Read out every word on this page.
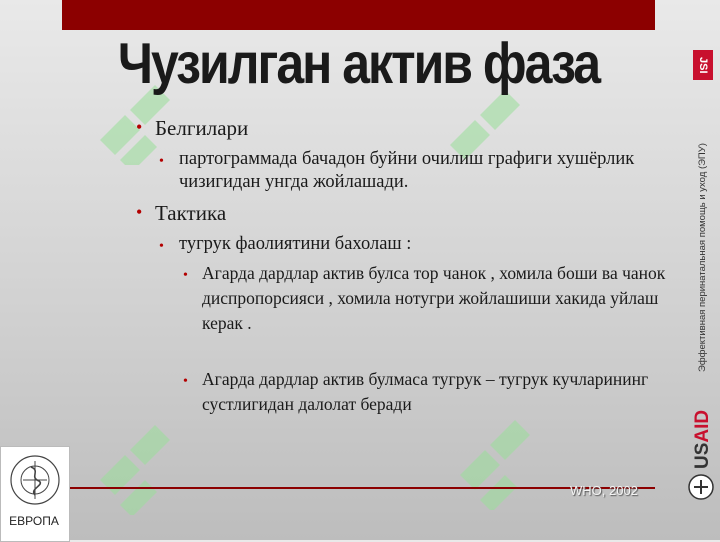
Чузилган актив фаза
• Белгилари
• партограммада бачадон буйни очилиш графиги хушёрлик чизигидан унгда жойлашади.
• Тактика
• тугрук фаолиятини бахолаш :
• Агарда дардлар актив булса тор чанок , хомила боши ва чанок диспропорсияси , хомила нотугри жойлашиши хакида уйлаш керак .
• Агарда дардлар актив булмаса тугрук – тугрук кучларининг сустлигидан далолат беради
JSI
Эффективная перинатальная помощь и уход (ЭПУ)
USAID
WHO, 2002
ЕВРОПА
